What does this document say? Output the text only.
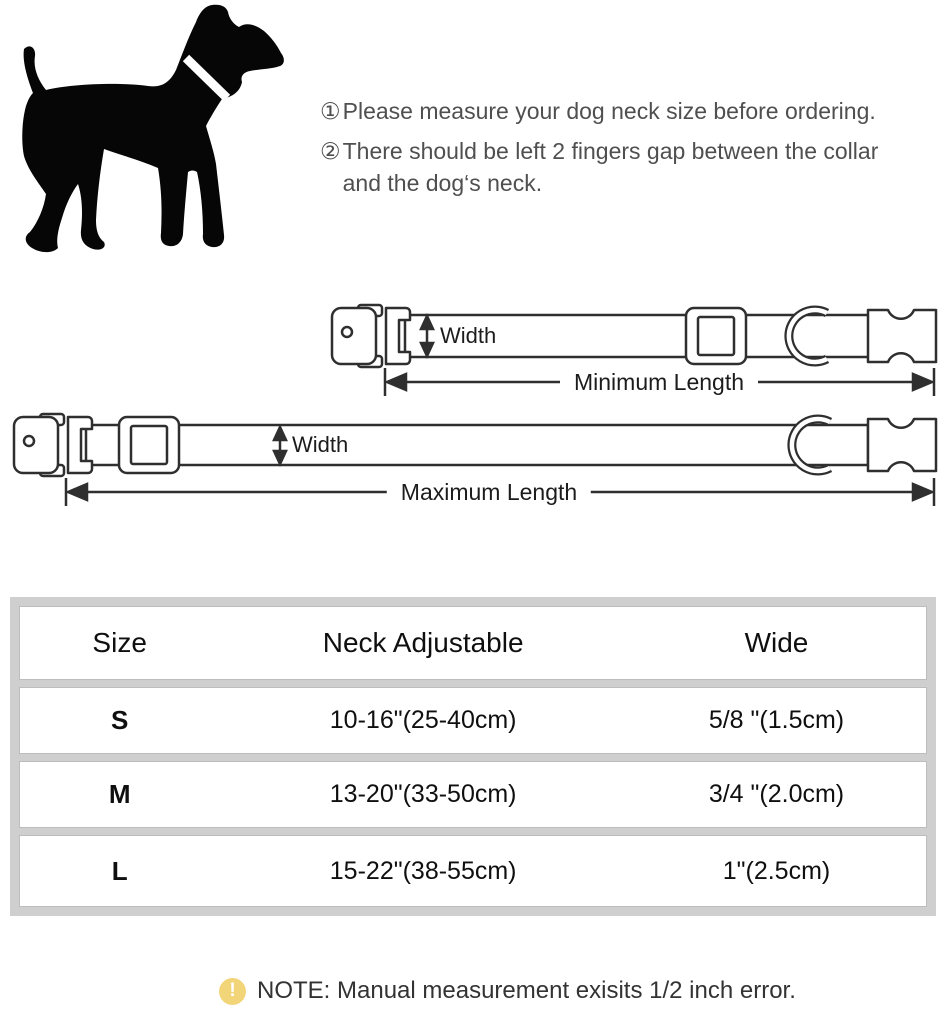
① Please measure your dog neck size before ordering.
② There should be left 2 fingers gap between the collar and the dog‘s neck.
Width
Minimum Length
Width
Maximum Length
Size	Neck Adjustable	Wide
S	10-16"(25-40cm)	5/8 "(1.5cm)
M	13-20"(33-50cm)	3/4 "(2.0cm)
L	15-22"(38-55cm)	1"(2.5cm)
! NOTE: Manual measurement exisits 1/2 inch error.
